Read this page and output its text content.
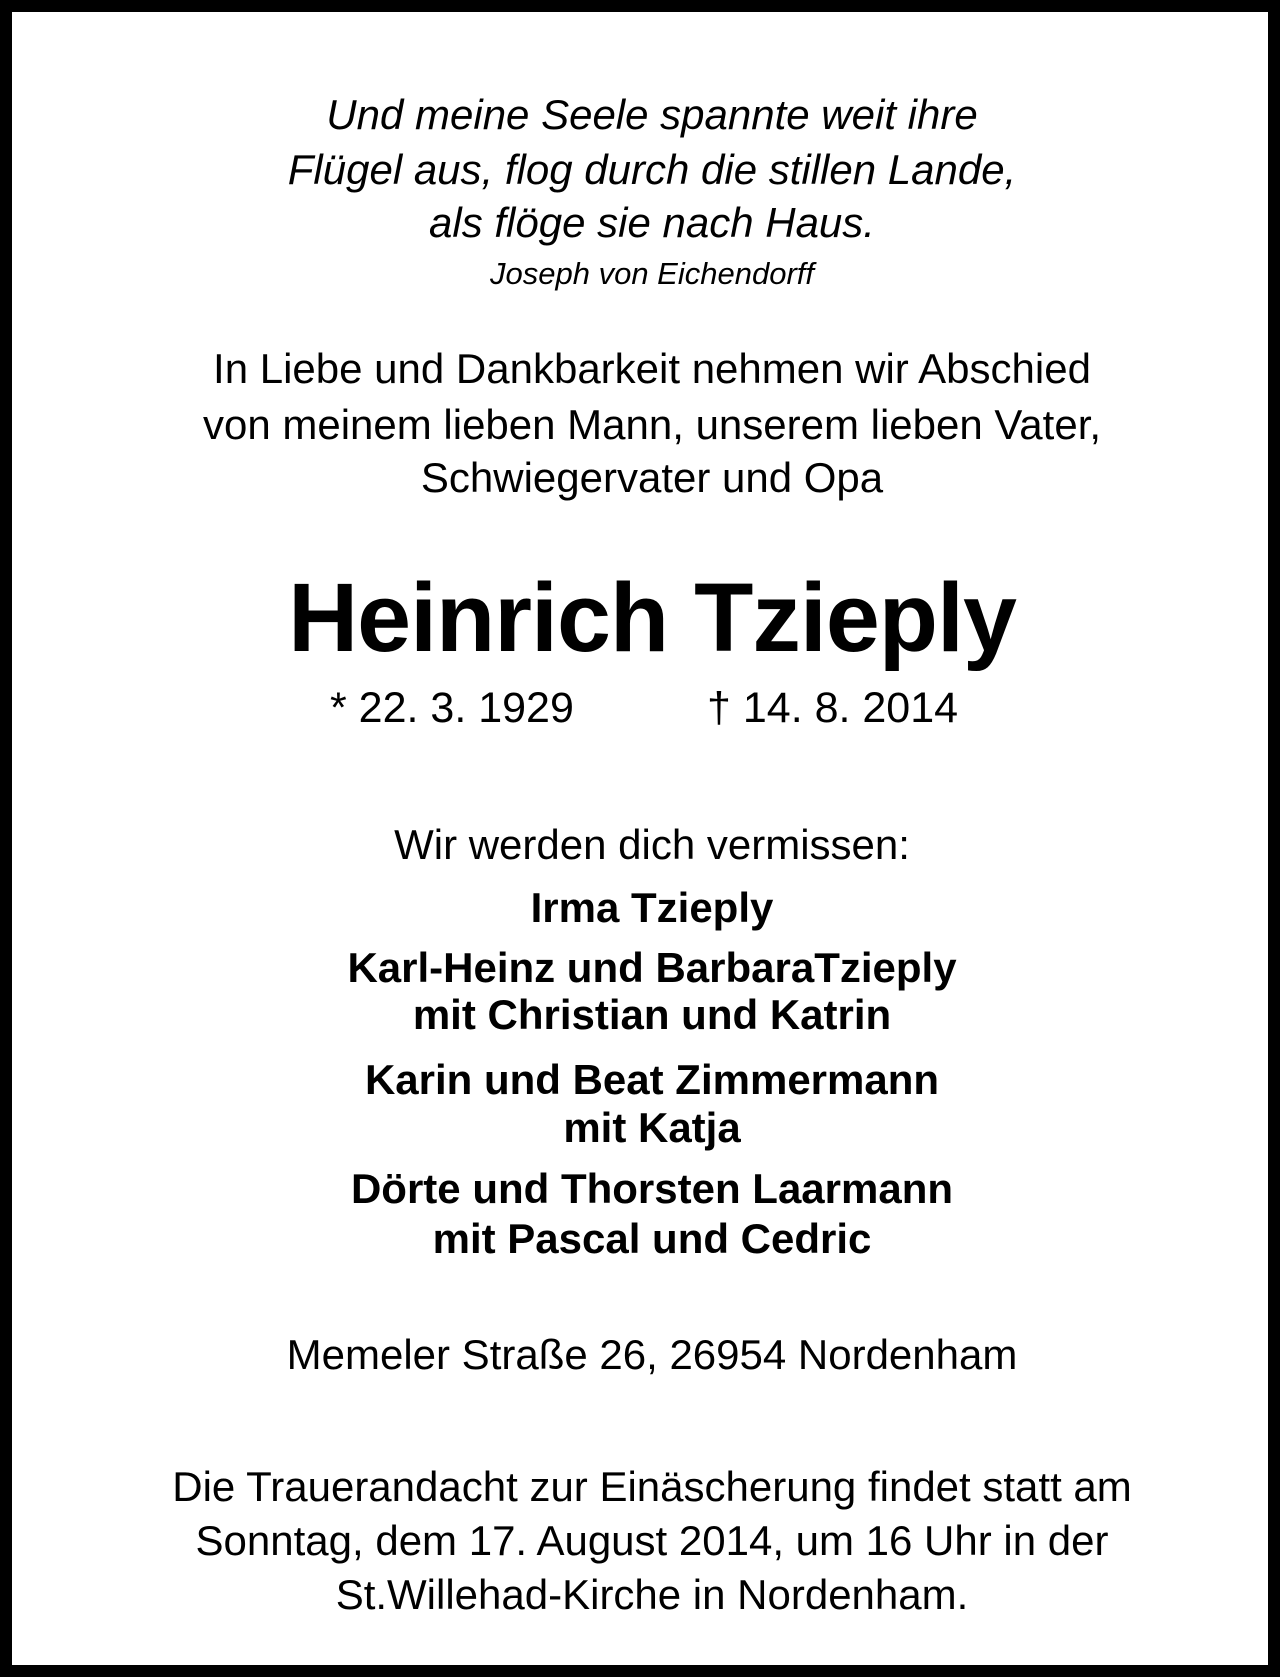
Und meine Seele spannte weit ihre
Flügel aus, flog durch die stillen Lande,
als flöge sie nach Haus.
Joseph von Eichendorff
In Liebe und Dankbarkeit nehmen wir Abschied
von meinem lieben Mann, unserem lieben Vater,
Schwiegervater und Opa
Heinrich Tzieply
* 22. 3. 1929	† 14. 8. 2014
Wir werden dich vermissen:
Irma Tzieply
Karl-Heinz und BarbaraTzieply
mit Christian und Katrin
Karin und Beat Zimmermann
mit Katja
Dörte und Thorsten Laarmann
mit Pascal und Cedric
Memeler Straße 26, 26954 Nordenham
Die Trauerandacht zur Einäscherung findet statt am
Sonntag, dem 17. August 2014, um 16 Uhr in der
St.Willehad-Kirche in Nordenham.
